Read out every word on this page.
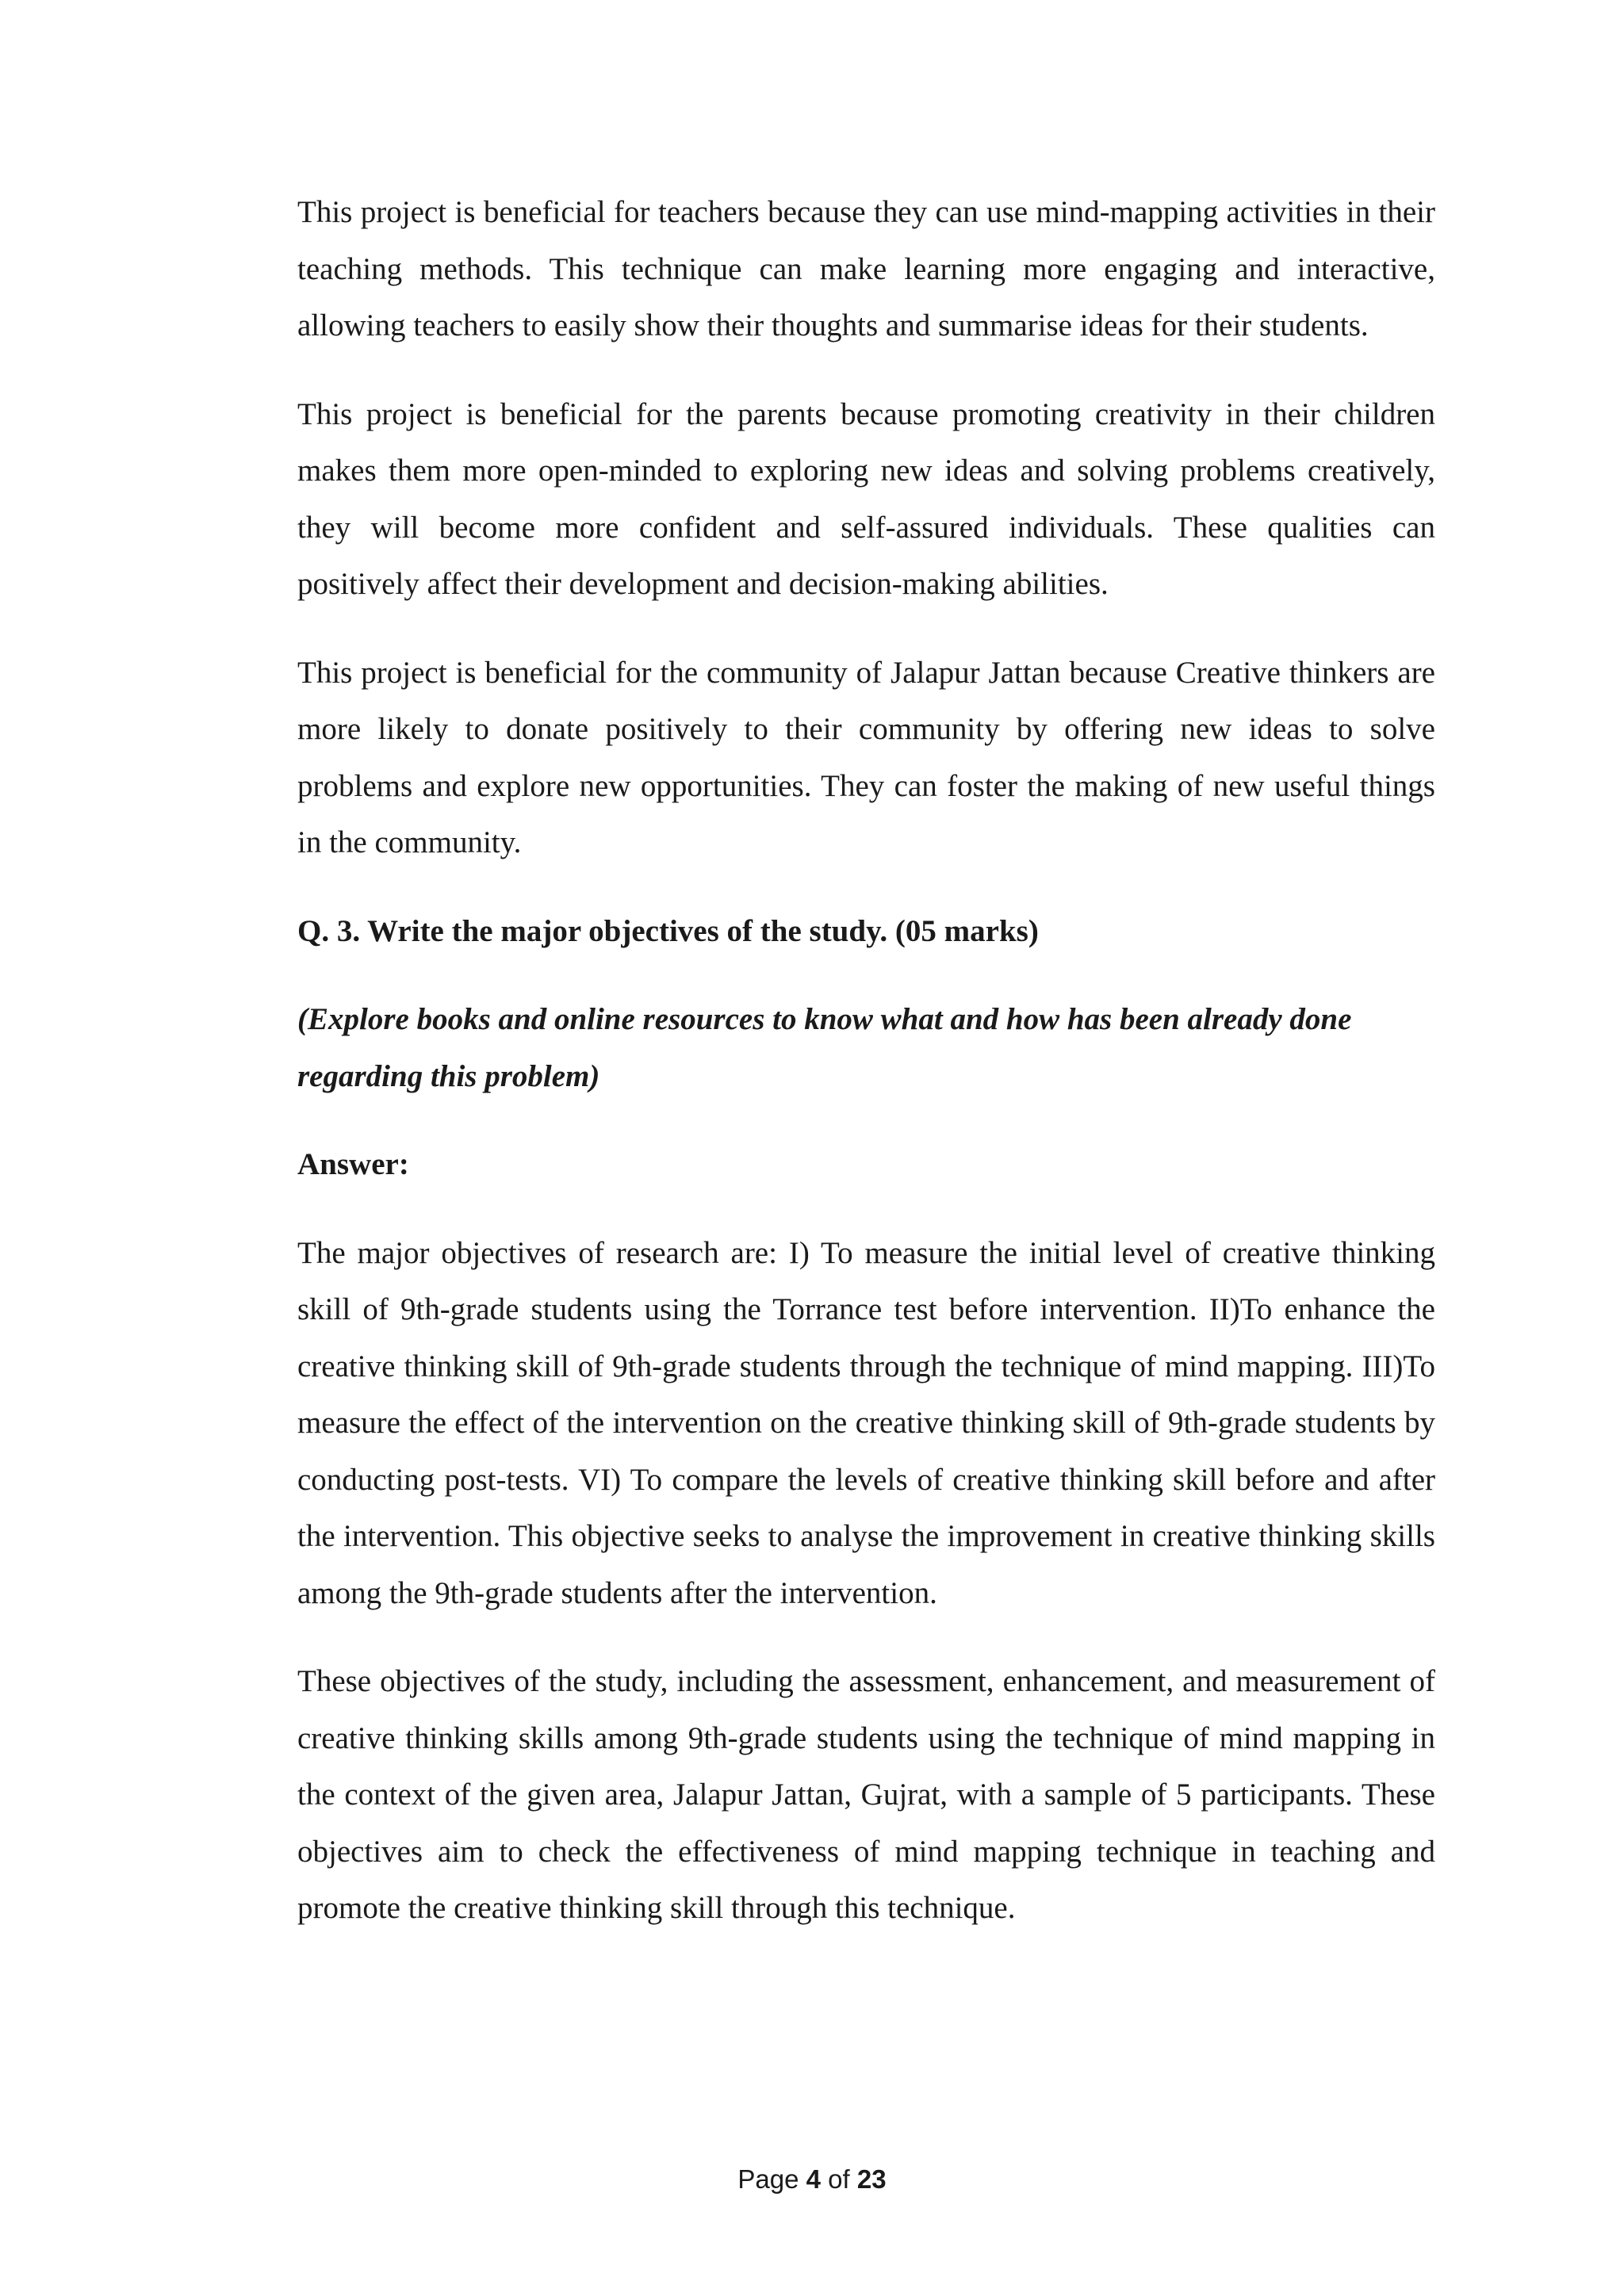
This project is beneficial for teachers because they can use mind-mapping activities in their teaching methods. This technique can make learning more engaging and interactive, allowing teachers to easily show their thoughts and summarise ideas for their students.

This project is beneficial for the parents because promoting creativity in their children makes them more open-minded to exploring new ideas and solving problems creatively, they will become more confident and self-assured individuals. These qualities can positively affect their development and decision-making abilities.

This project is beneficial for the community of Jalapur Jattan because Creative thinkers are more likely to donate positively to their community by offering new ideas to solve problems and explore new opportunities. They can foster the making of new useful things in the community.

Q. 3. Write the major objectives of the study. (05 marks)

(Explore books and online resources to know what and how has been already done regarding this problem)

Answer:

The major objectives of research are: I) To measure the initial level of creative thinking skill of 9th-grade students using the Torrance test before intervention. II)To enhance the creative thinking skill of 9th-grade students through the technique of mind mapping. III)To measure the effect of the intervention on the creative thinking skill of 9th-grade students by conducting post-tests. VI) To compare the levels of creative thinking skill before and after the intervention. This objective seeks to analyse the improvement in creative thinking skills among the 9th-grade students after the intervention.

These objectives of the study, including the assessment, enhancement, and measurement of creative thinking skills among 9th-grade students using the technique of mind mapping in the context of the given area, Jalapur Jattan, Gujrat, with a sample of 5 participants. These objectives aim to check the effectiveness of mind mapping technique in teaching and promote the creative thinking skill through this technique.

Page 4 of 23
